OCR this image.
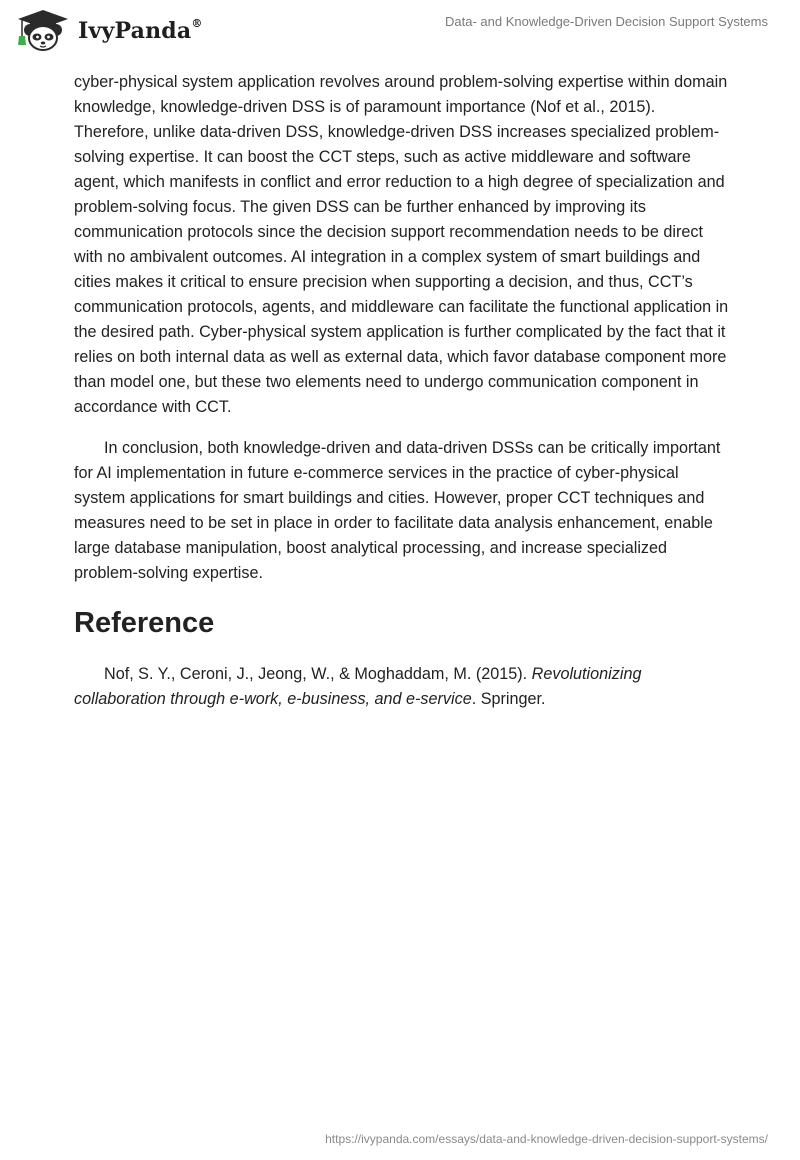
IvyPanda®	Data- and Knowledge-Driven Decision Support Systems

cyber-physical system application revolves around problem-solving expertise within domain knowledge, knowledge-driven DSS is of paramount importance (Nof et al., 2015). Therefore, unlike data-driven DSS, knowledge-driven DSS increases specialized problem-solving expertise. It can boost the CCT steps, such as active middleware and software agent, which manifests in conflict and error reduction to a high degree of specialization and problem-solving focus. The given DSS can be further enhanced by improving its communication protocols since the decision support recommendation needs to be direct with no ambivalent outcomes. AI integration in a complex system of smart buildings and cities makes it critical to ensure precision when supporting a decision, and thus, CCT’s communication protocols, agents, and middleware can facilitate the functional application in the desired path. Cyber-physical system application is further complicated by the fact that it relies on both internal data as well as external data, which favor database component more than model one, but these two elements need to undergo communication component in accordance with CCT.

In conclusion, both knowledge-driven and data-driven DSSs can be critically important for AI implementation in future e-commerce services in the practice of cyber-physical system applications for smart buildings and cities. However, proper CCT techniques and measures need to be set in place in order to facilitate data analysis enhancement, enable large database manipulation, boost analytical processing, and increase specialized problem-solving expertise.

Reference

Nof, S. Y., Ceroni, J., Jeong, W., & Moghaddam, M. (2015). Revolutionizing collaboration through e-work, e-business, and e-service. Springer.

https://ivypanda.com/essays/data-and-knowledge-driven-decision-support-systems/
